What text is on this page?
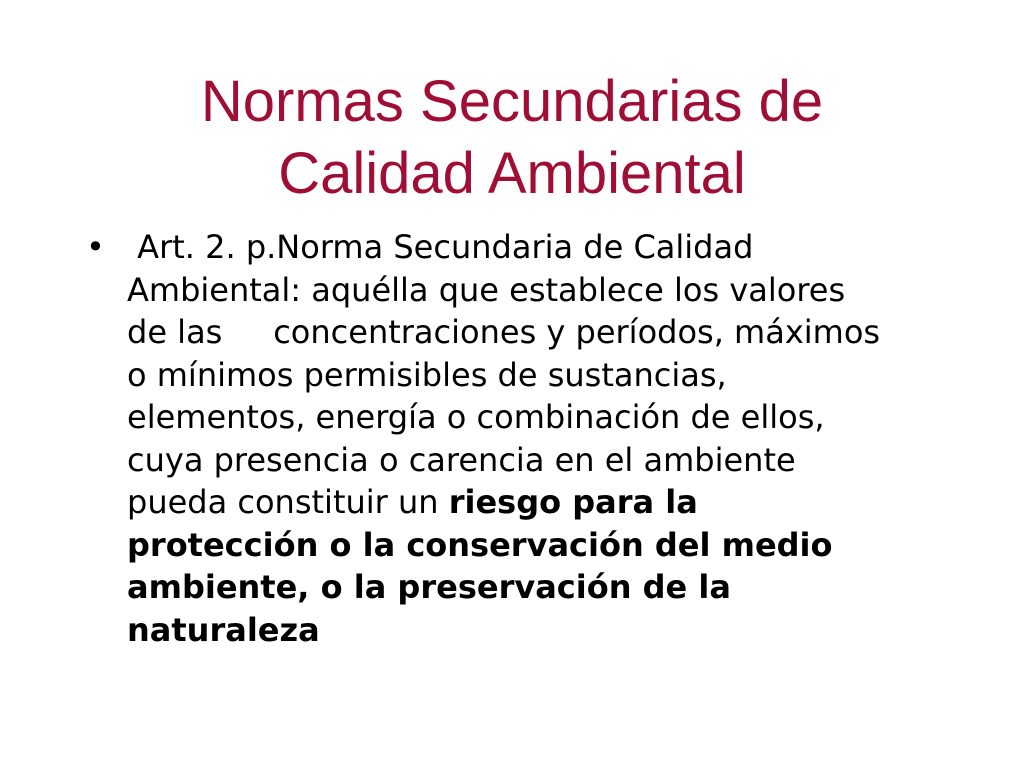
Normas Secundarias de
Calidad Ambiental
• Art. 2. p.Norma Secundaria de Calidad
Ambiental: aquélla que establece los valores
de las     concentraciones y períodos, máximos
o mínimos permisibles de sustancias,
elementos, energía o combinación de ellos,
cuya presencia o carencia en el ambiente
pueda constituir un riesgo para la
protección o la conservación del medio
ambiente, o la preservación de la
naturaleza
